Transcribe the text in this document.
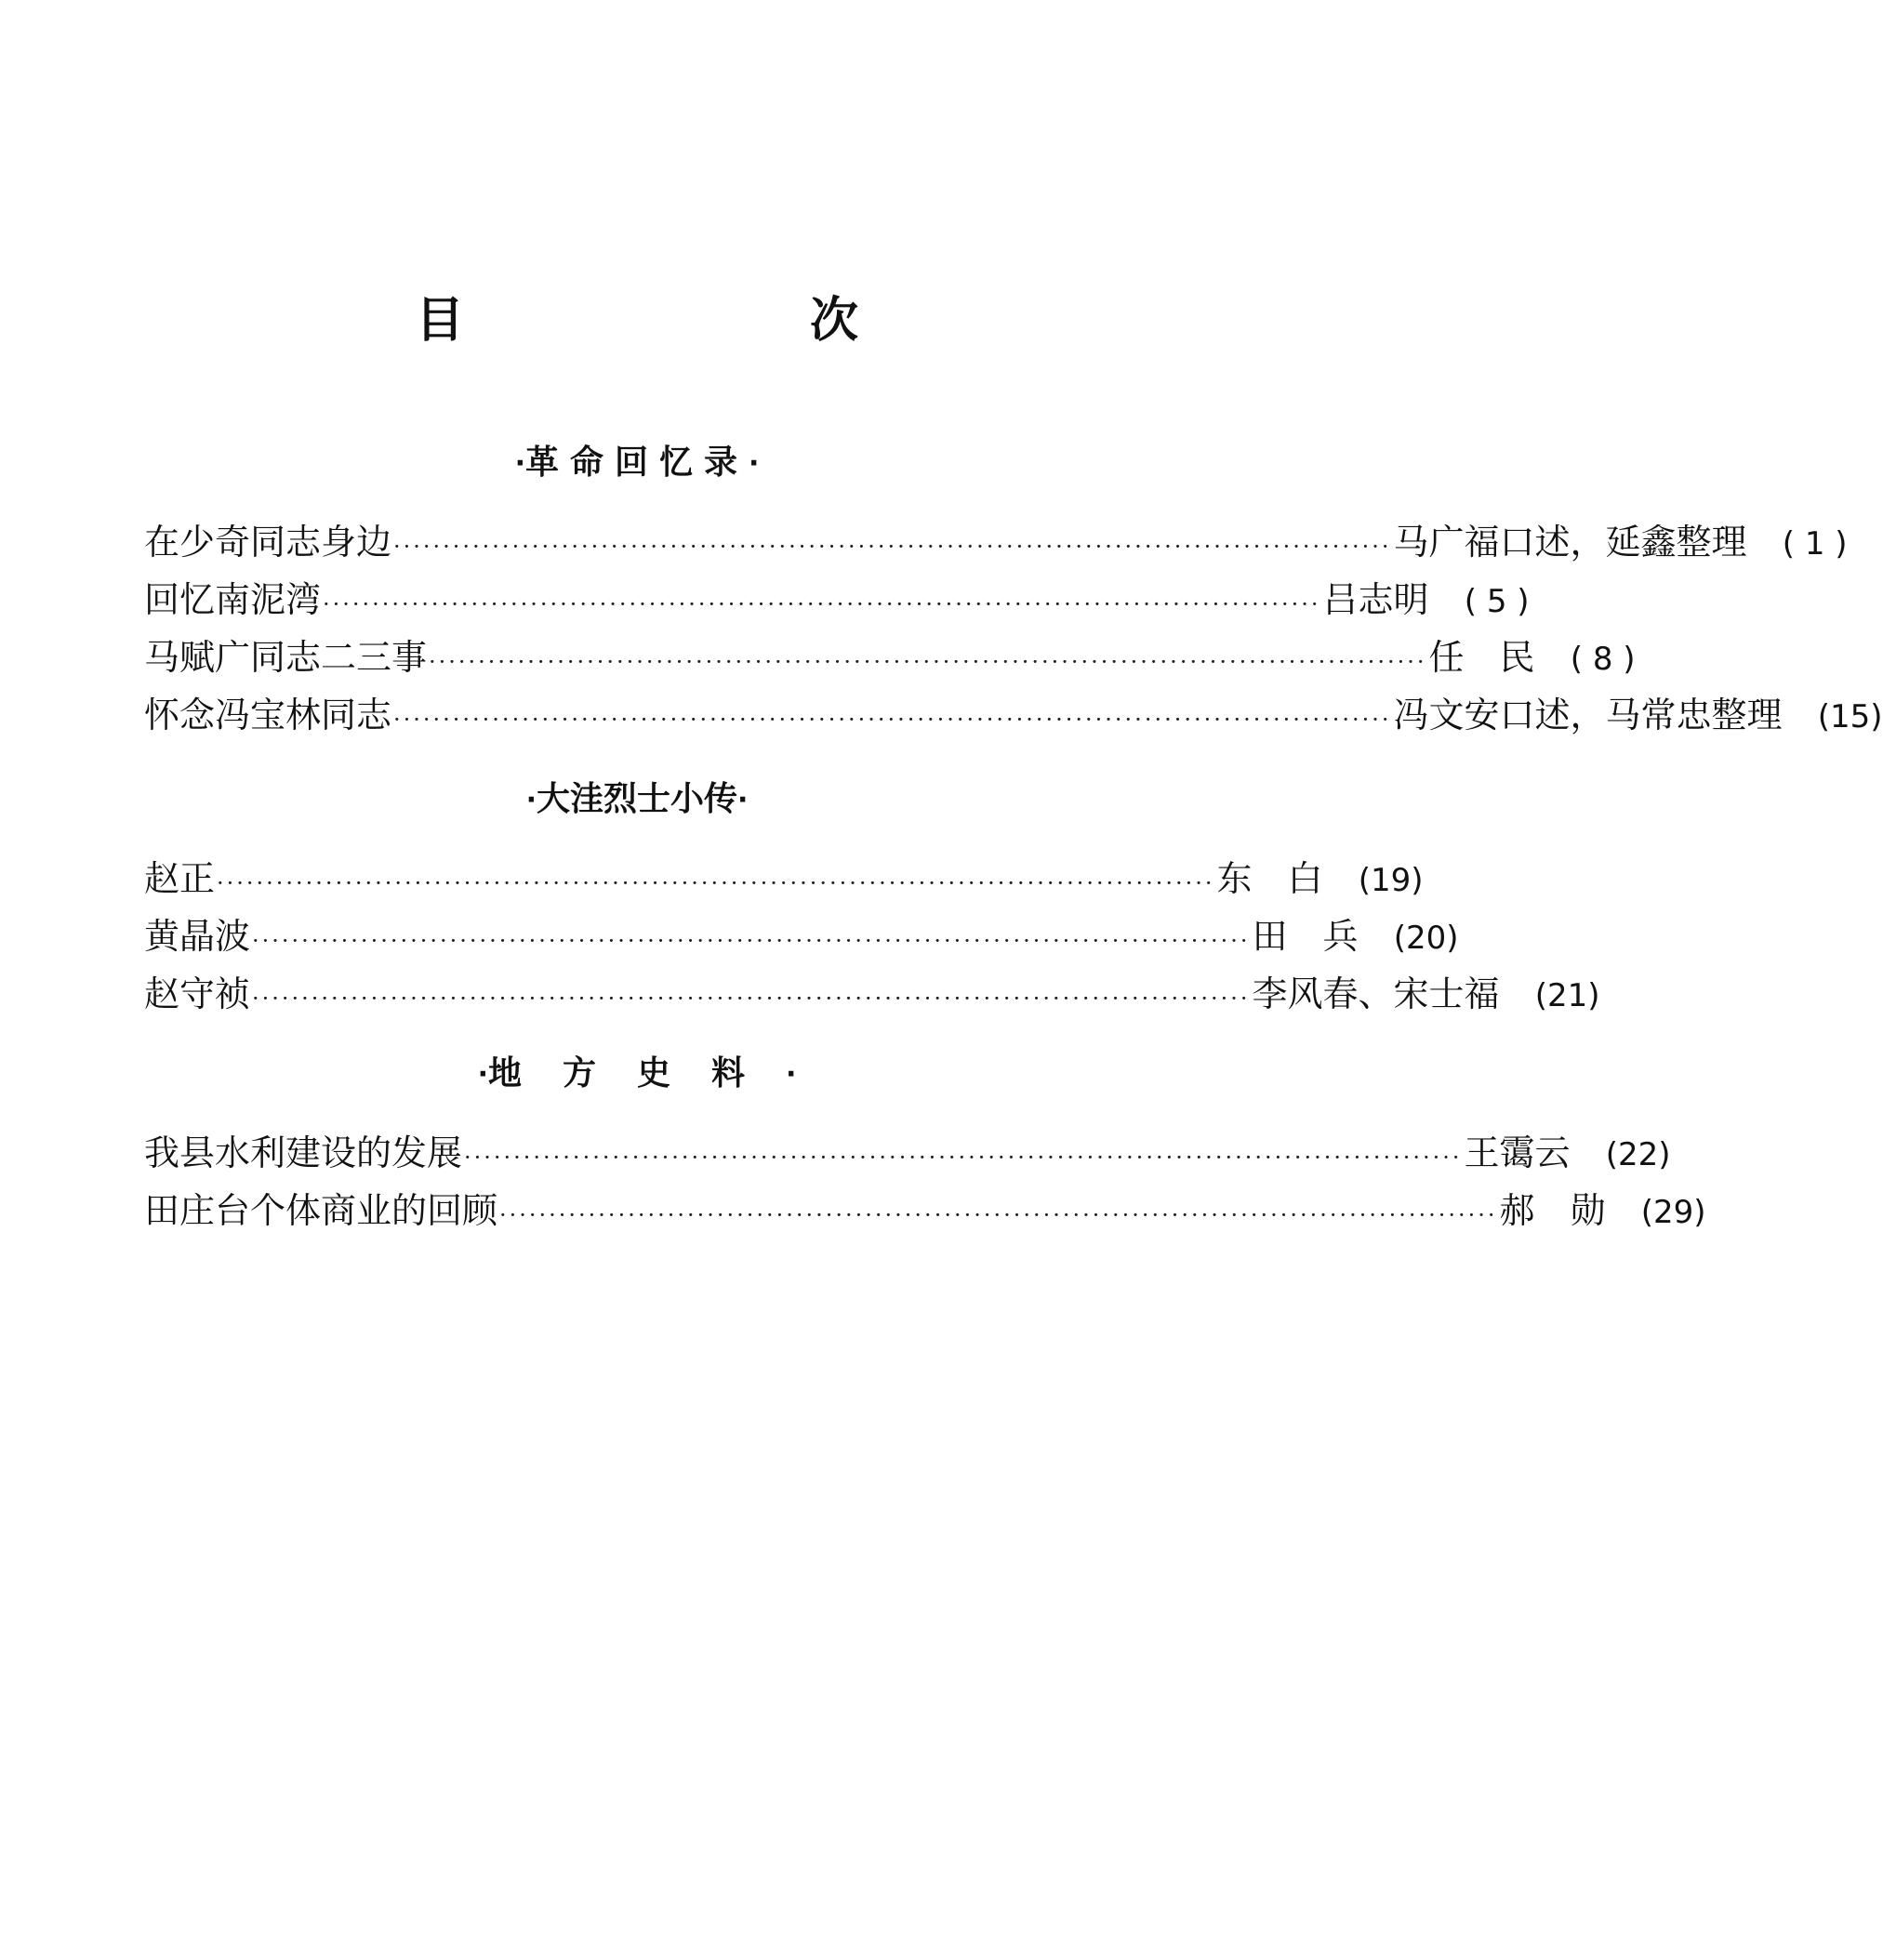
目　次
·革命回忆录·
在少奇同志身边 ····································································································· 马广福口述，延鑫整理	( 1 )
回忆南泥湾 ····································································································· 吕志明	( 5 )
马赋广同志二三事 ····································································································· 任民 ( 8 )
怀念冯宝林同志 ····································································································· 冯文安口述，马常忠整理	(15)
·大洼烈士小传·
赵正 ····································································································· 东白 (19)
黄晶波 ····································································································· 田兵 (20)
赵守祯 ····································································································· 李风春、宋士福	(21)
·地方史料·
我县水利建设的发展 ····································································································· 王霭云	(22)
田庄台个体商业的回顾 ····································································································· 郝勋 (29)
